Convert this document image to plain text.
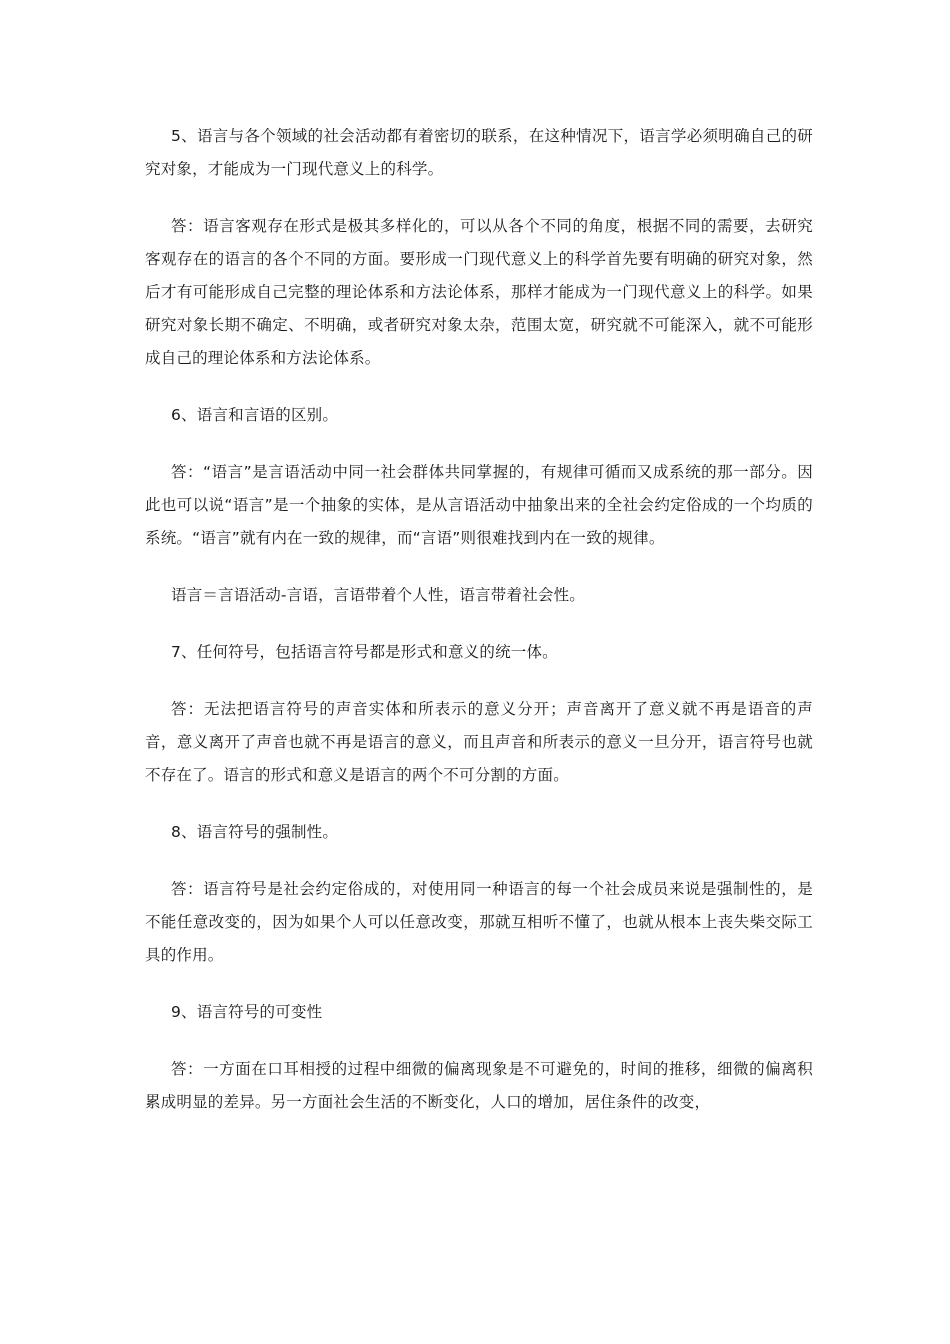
5、语言与各个领域的社会活动都有着密切的联系，在这种情况下，语言学必须明确自己的研究对象，才能成为一门现代意义上的科学。

答：语言客观存在形式是极其多样化的，可以从各个不同的角度，根据不同的需要，去研究客观存在的语言的各个不同的方面。要形成一门现代意义上的科学首先要有明确的研究对象，然后才有可能形成自己完整的理论体系和方法论体系，那样才能成为一门现代意义上的科学。如果研究对象长期不确定、不明确，或者研究对象太杂，范围太宽，研究就不可能深入，就不可能形成自己的理论体系和方法论体系。

6、语言和言语的区别。

答：“语言”是言语活动中同一社会群体共同掌握的，有规律可循而又成系统的那一部分。因此也可以说“语言”是一个抽象的实体，是从言语活动中抽象出来的全社会约定俗成的一个均质的系统。“语言”就有内在一致的规律，而“言语”则很难找到内在一致的规律。

语言＝言语活动-言语，言语带着个人性，语言带着社会性。

7、任何符号，包括语言符号都是形式和意义的统一体。

答：无法把语言符号的声音实体和所表示的意义分开；声音离开了意义就不再是语音的声音，意义离开了声音也就不再是语言的意义，而且声音和所表示的意义一旦分开，语言符号也就不存在了。语言的形式和意义是语言的两个不可分割的方面。

8、语言符号的强制性。

答：语言符号是社会约定俗成的，对使用同一种语言的每一个社会成员来说是强制性的，是不能任意改变的，因为如果个人可以任意改变，那就互相听不懂了，也就从根本上丧失柴交际工具的作用。

9、语言符号的可变性

答：一方面在口耳相授的过程中细微的偏离现象是不可避免的，时间的推移，细微的偏离积累成明显的差异。另一方面社会生活的不断变化，人口的增加，居住条件的改变，
